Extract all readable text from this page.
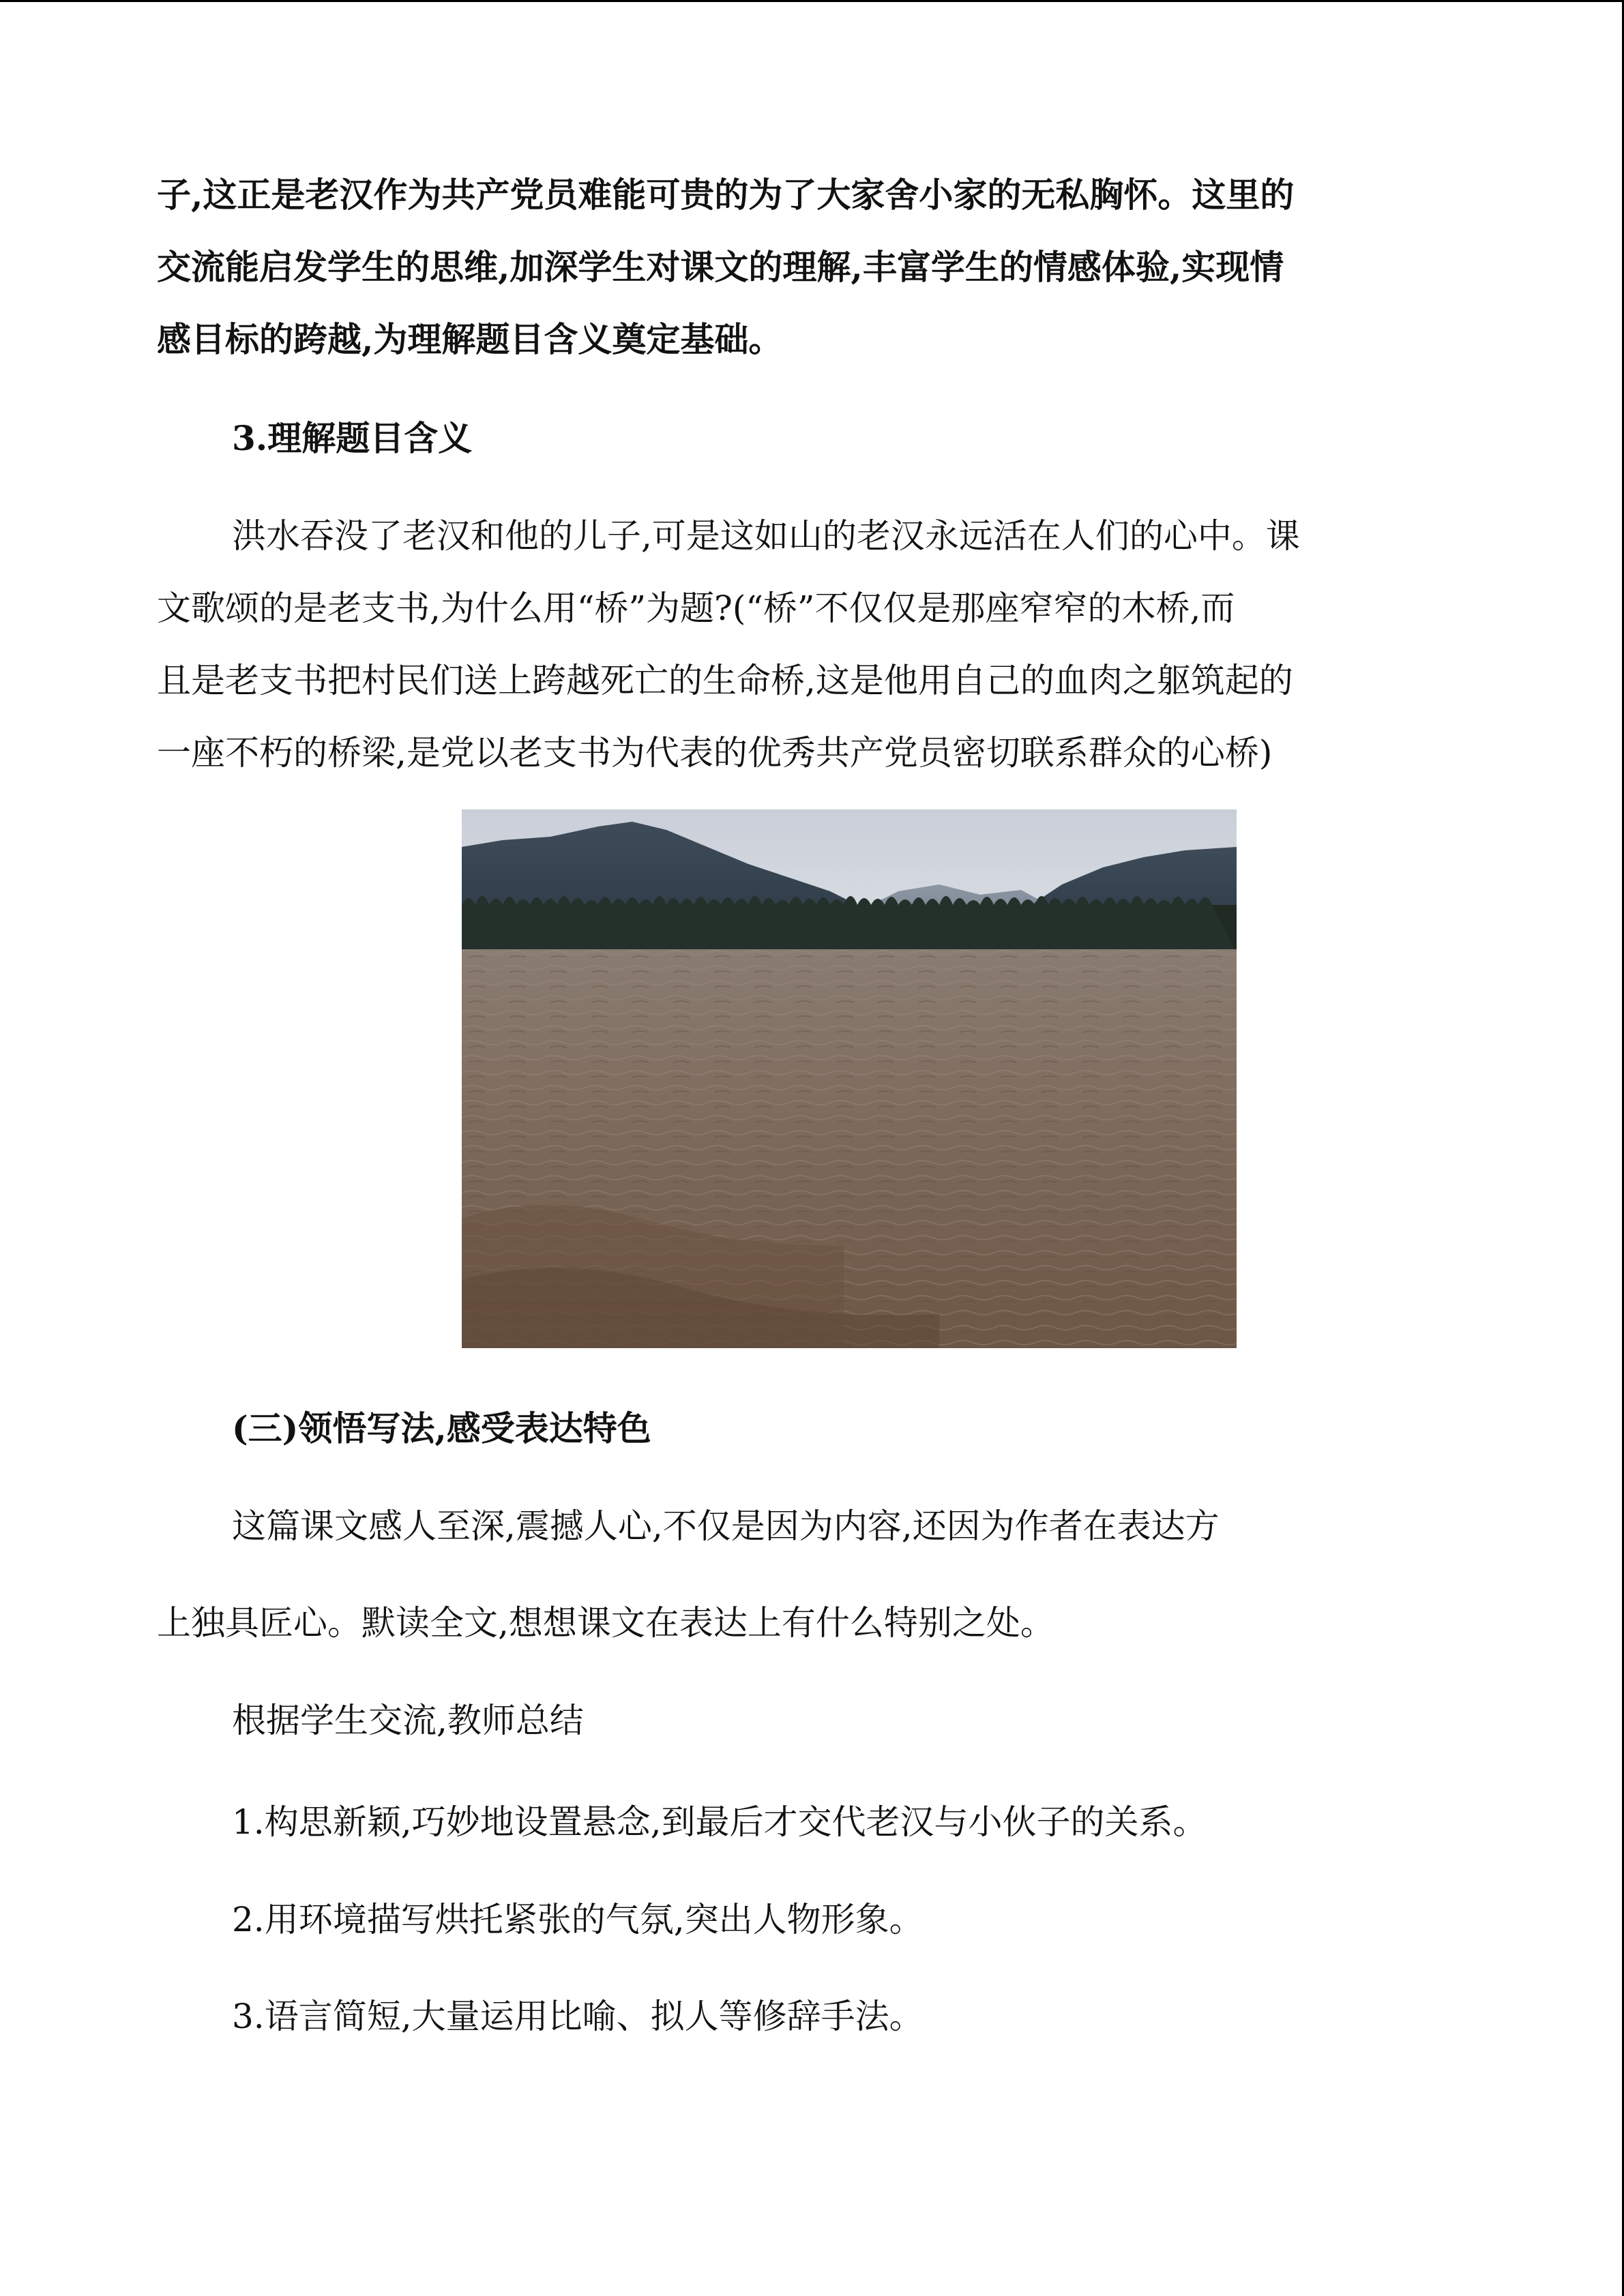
子,这正是老汉作为共产党员难能可贵的为了大家舍小家的无私胸怀。这里的
交流能启发学生的思维,加深学生对课文的理解,丰富学生的情感体验,实现情
感目标的跨越,为理解题目含义奠定基础。
3.理解题目含义
洪水吞没了老汉和他的儿子,可是这如山的老汉永远活在人们的心中。课
文歌颂的是老支书,为什么用“桥”为题?(“桥”不仅仅是那座窄窄的木桥,而
且是老支书把村民们送上跨越死亡的生命桥,这是他用自己的血肉之躯筑起的
一座不朽的桥梁,是党以老支书为代表的优秀共产党员密切联系群众的心桥)
(三)领悟写法,感受表达特色
这篇课文感人至深,震撼人心,不仅是因为内容,还因为作者在表达方
上独具匠心。默读全文,想想课文在表达上有什么特别之处。
根据学生交流,教师总结
1.构思新颖,巧妙地设置悬念,到最后才交代老汉与小伙子的关系。
2.用环境描写烘托紧张的气氛,突出人物形象。
3.语言简短,大量运用比喻、拟人等修辞手法。
